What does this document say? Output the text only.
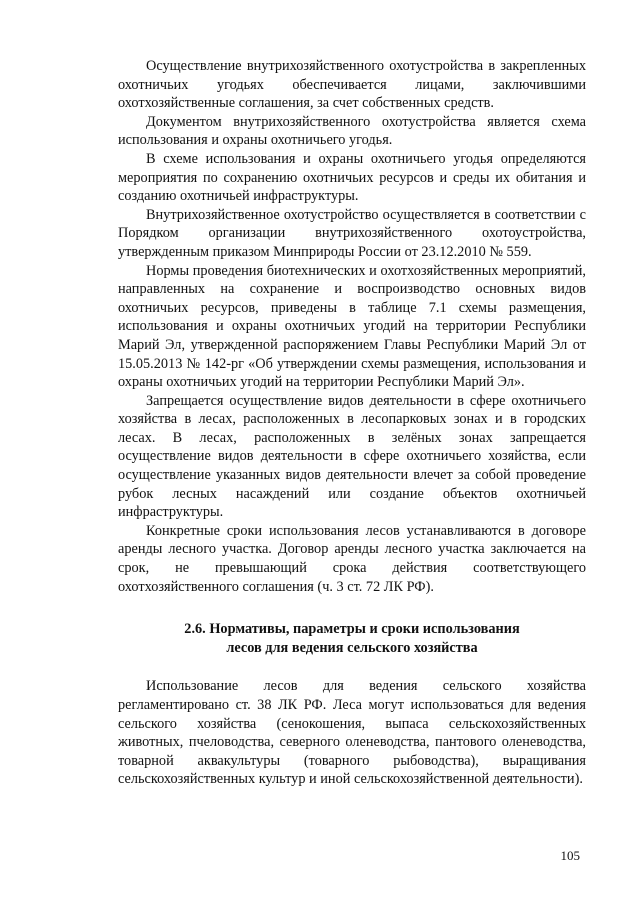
Осуществление внутрихозяйственного охотустройства в закрепленных охотничьих угодьях обеспечивается лицами, заключившими охотхозяйственные соглашения, за счет собственных средств.

Документом внутрихозяйственного охотустройства является схема использования и охраны охотничьего угодья.

В схеме использования и охраны охотничьего угодья определяются мероприятия по сохранению охотничьих ресурсов и среды их обитания и созданию охотничьей инфраструктуры.

Внутрихозяйственное охотустройство осуществляется в соответствии с Порядком организации внутрихозяйственного охотоустройства, утвержденным приказом Минприроды России от 23.12.2010 № 559.

Нормы проведения биотехнических и охотхозяйственных мероприятий, направленных на сохранение и воспроизводство основных видов охотничьих ресурсов, приведены в таблице 7.1 схемы размещения, использования и охраны охотничьих угодий на территории Республики Марий Эл, утвержденной распоряжением Главы Республики Марий Эл от 15.05.2013 № 142-рг «Об утверждении схемы размещения, использования и охраны охотничьих угодий на территории Республики Марий Эл».

Запрещается осуществление видов деятельности в сфере охотничьего хозяйства в лесах, расположенных в лесопарковых зонах и в городских лесах. В лесах, расположенных в зелёных зонах запрещается осуществление видов деятельности в сфере охотничьего хозяйства, если осуществление указанных видов деятельности влечет за собой проведение рубок лесных насаждений или создание объектов охотничьей инфраструктуры.

Конкретные сроки использования лесов устанавливаются в договоре аренды лесного участка. Договор аренды лесного участка заключается на срок, не превышающий срока действия соответствующего охотхозяйственного соглашения (ч. 3 ст. 72 ЛК РФ).

2.6. Нормативы, параметры и сроки использования
лесов для ведения сельского хозяйства

Использование лесов для ведения сельского хозяйства регламентировано ст. 38 ЛК РФ. Леса могут использоваться для ведения сельского хозяйства (сенокошения, выпаса сельскохозяйственных животных, пчеловодства, северного оленеводства, пантового оленеводства, товарной аквакультуры (товарного рыбоводства), выращивания сельскохозяйственных культур и иной сельскохозяйственной деятельности).

105
